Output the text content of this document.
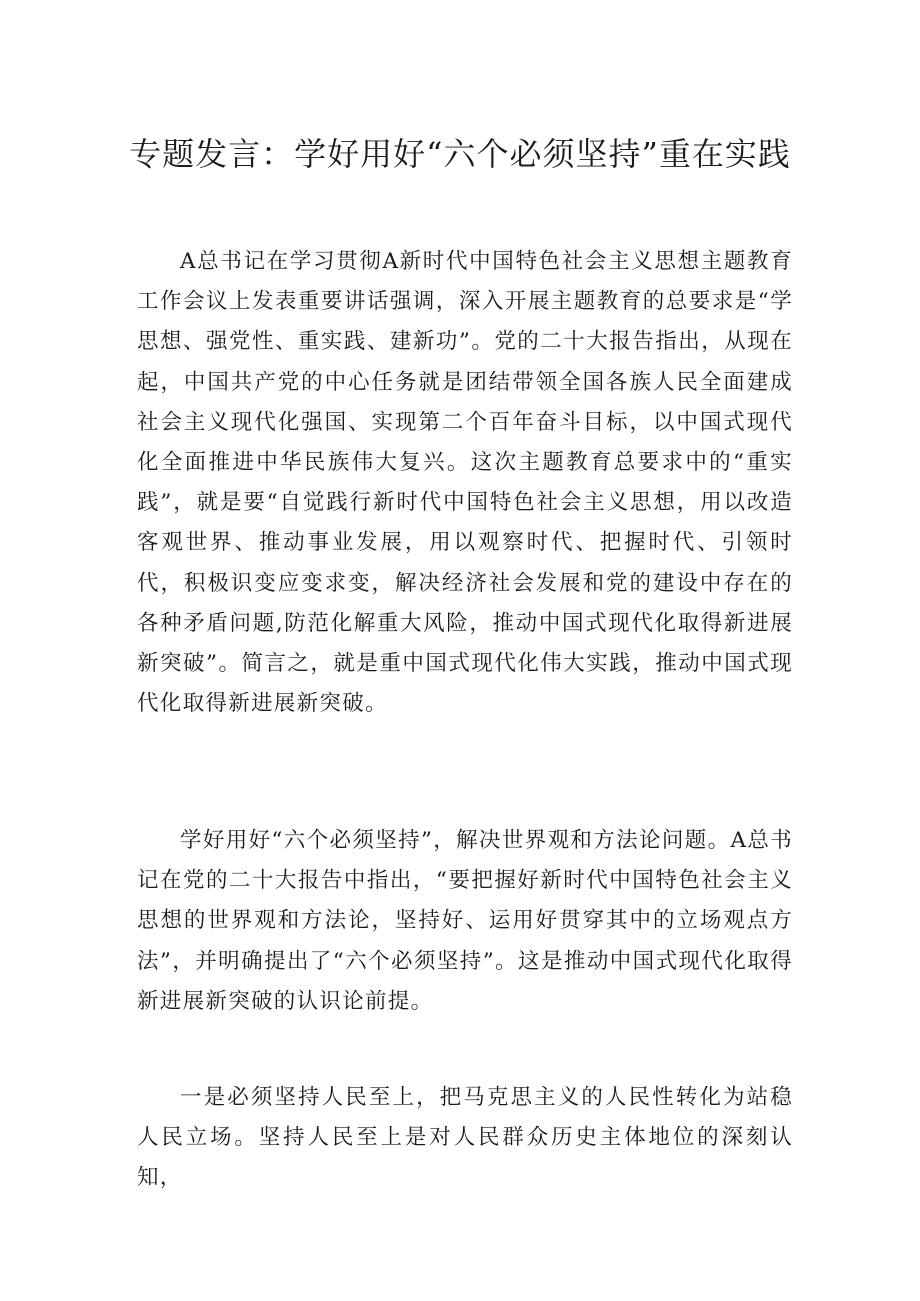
专题发言：学好用好“六个必须坚持”重在实践

A总书记在学习贯彻A新时代中国特色社会主义思想主题教育工作会议上发表重要讲话强调，深入开展主题教育的总要求是“学思想、强党性、重实践、建新功”。党的二十大报告指出，从现在起，中国共产党的中心任务就是团结带领全国各族人民全面建成社会主义现代化强国、实现第二个百年奋斗目标，以中国式现代化全面推进中华民族伟大复兴。这次主题教育总要求中的“重实践”，就是要“自觉践行新时代中国特色社会主义思想，用以改造客观世界、推动事业发展，用以观察时代、把握时代、引领时代，积极识变应变求变，解决经济社会发展和党的建设中存在的各种矛盾问题,防范化解重大风险，推动中国式现代化取得新进展新突破”。简言之，就是重中国式现代化伟大实践，推动中国式现代化取得新进展新突破。

学好用好“六个必须坚持”，解决世界观和方法论问题。A总书记在党的二十大报告中指出，“要把握好新时代中国特色社会主义思想的世界观和方法论，坚持好、运用好贯穿其中的立场观点方法”，并明确提出了“六个必须坚持”。这是推动中国式现代化取得新进展新突破的认识论前提。

一是必须坚持人民至上，把马克思主义的人民性转化为站稳人民立场。坚持人民至上是对人民群众历史主体地位的深刻认知，
